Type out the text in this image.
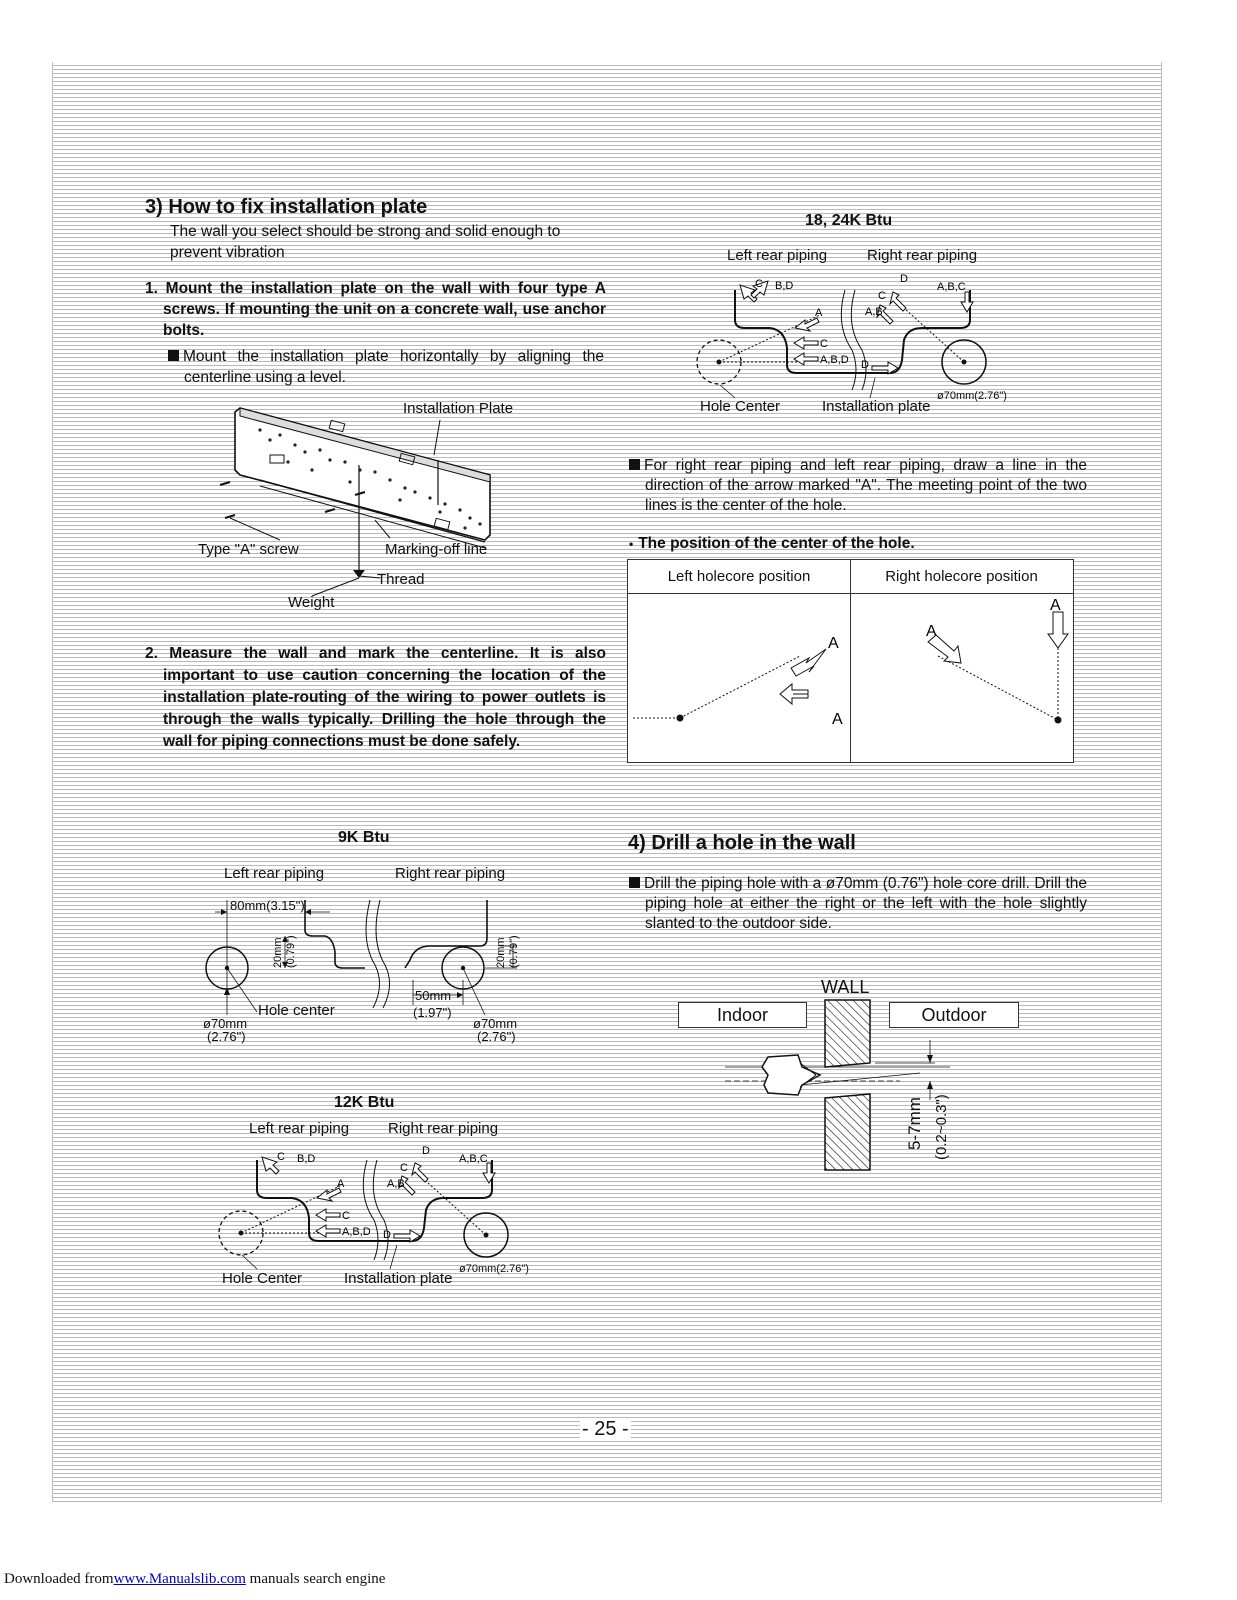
3) How to fix installation plate
The wall you select should be strong and solid enough to prevent vibration
1. Mount the installation plate on the wall with four type A screws. If mounting the unit on a concrete wall, use anchor bolts.
Mount the installation plate horizontally by aligning the centerline using a level.
Installation Plate
Type "A" screw	Marking-off line
Thread
Weight
2. Measure the wall and mark the centerline. It is also important to use caution concerning the location of the installation plate-routing of the wiring to power outlets is through the walls typically. Drilling the hole through the wall for piping connections must be done safely.
18, 24K Btu
Left rear piping	Right rear piping
C B,D
A
C
A,B,D D
D
C
A,B
A,B,C
Hole Center	Installation plate
ø70mm(2.76")
For right rear piping and left rear piping, draw a line in the direction of the arrow marked "A". The meeting point of the two lines is the center of the hole.
• The position of the center of the hole.
Left holecore position	Right holecore position
A
A
A
A
9K Btu
Left rear piping	Right rear piping
80mm(3.15")
20mm (0.79")	20mm (0.79")
Hole center
50mm
(1.97")
ø70mm
(2.76")
ø70mm
(2.76")
12K Btu
Left rear piping	Right rear piping
C B,D
A
C
A,B,D D
D
C
A,B
A,B,C
Hole Center	Installation plate
ø70mm(2.76")
4) Drill a hole in the wall
Drill the piping hole with a ø70mm (0.76") hole core drill. Drill the piping hole at either the right or the left with the hole slightly slanted to the outdoor side.
WALL
Indoor	Outdoor
5-7mm (0.2~0.3")
- 25 -
Downloaded fromwww.Manualslib.com manuals search engine
